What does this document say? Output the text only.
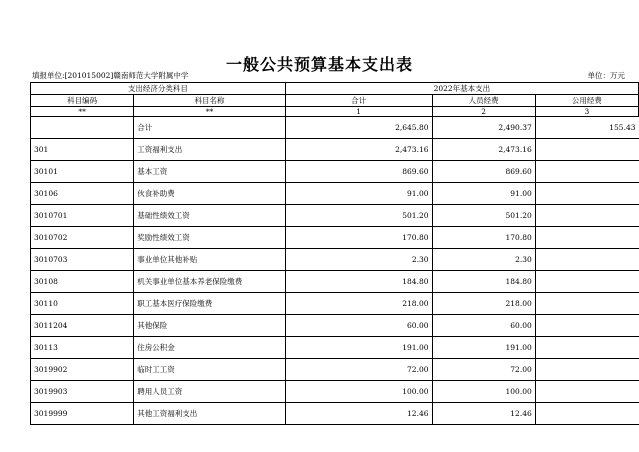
一般公共预算基本支出表
填报单位:[201015002]赣南师范大学附属中学	单位：万元
支出经济分类科目		2022年基本支出		
科目编码	科目名称	合计	人员经费	公用经费
**	**	1	2	3
	合计	2,645.80	2,490.37	155.43
301	工资福利支出	2,473.16	2,473.16	
30101	基本工资	869.60	869.60	
30106	伙食补助费	91.00	91.00	
3010701	基础性绩效工资	501.20	501.20	
3010702	奖励性绩效工资	170.80	170.80	
3010703	事业单位其他补贴	2.30	2.30	
30108	机关事业单位基本养老保险缴费	184.80	184.80	
30110	职工基本医疗保险缴费	218.00	218.00	
3011204	其他保险	60.00	60.00	
30113	住房公积金	191.00	191.00	
3019902	临时工工资	72.00	72.00	
3019903	聘用人员工资	100.00	100.00	
3019999	其他工资福利支出	12.46	12.46	
